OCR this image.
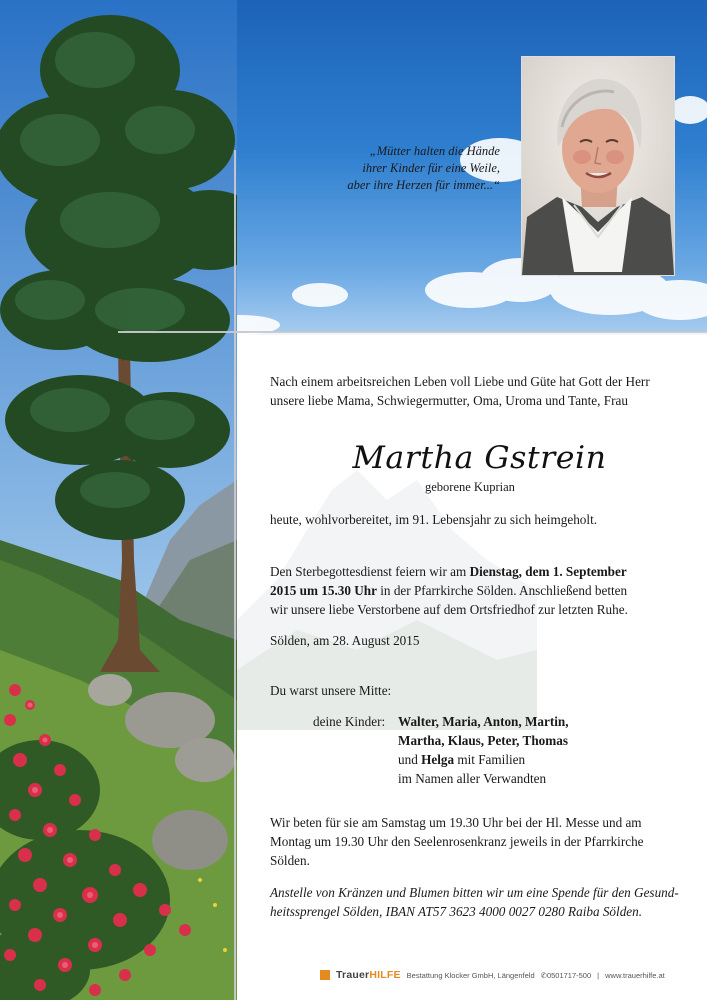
„Mütter halten die Hände
ihrer Kinder für eine Weile,
aber ihre Herzen für immer...“
Nach einem arbeitsreichen Leben voll Liebe und Güte hat Gott der Herr
unsere liebe Mama, Schwiegermutter, Oma, Uroma und Tante, Frau
Martha Gstrein
geborene Kuprian
heute, wohlvorbereitet, im 91. Lebensjahr zu sich heimgeholt.
Den Sterbegottesdienst feiern wir am Dienstag, dem 1. September
2015 um 15.30 Uhr in der Pfarrkirche Sölden. Anschließend betten
wir unsere liebe Verstorbene auf dem Ortsfriedhof zur letzten Ruhe.
Sölden, am 28. August 2015
Du warst unsere Mitte:
deine Kinder: Walter, Maria, Anton, Martin,
Martha, Klaus, Peter, Thomas
und Helga mit Familien
im Namen aller Verwandten
Wir beten für sie am Samstag um 19.30 Uhr bei der Hl. Messe und am
Montag um 19.30 Uhr den Seelenrosenkranz jeweils in der Pfarrkirche
Sölden.
Anstelle von Kränzen und Blumen bitten wir um eine Spende für den Gesund-
heitssprengel Sölden, IBAN AT57 3623 4000 0027 0280 Raiba Sölden.
TrauerHILFE Bestattung Klocker GmbH, Längenfeld ✆0501717-500 | www.trauerhilfe.at
